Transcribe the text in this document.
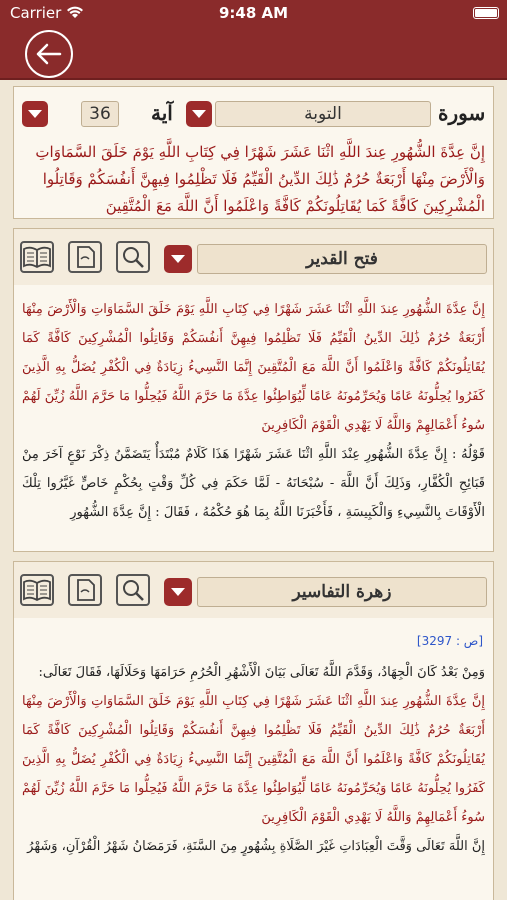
Carrier	9:48 AM
سورة
التوبة
آية
36
إِنَّ عِدَّةَ الشُّهُورِ عِندَ اللَّهِ اثْنَا عَشَرَ شَهْرًا فِي كِتَابِ اللَّهِ يَوْمَ خَلَقَ السَّمَاوَاتِ وَالْأَرْضَ مِنْهَا أَرْبَعَةٌ حُرُمٌ ذَٰلِكَ الدِّينُ الْقَيِّمُ فَلَا تَظْلِمُوا فِيهِنَّ أَنفُسَكُمْ وَقَاتِلُوا الْمُشْرِكِينَ كَافَّةً كَمَا يُقَاتِلُونَكُمْ كَافَّةً وَاعْلَمُوا أَنَّ اللَّهَ مَعَ الْمُتَّقِينَ
فتح القدير
إِنَّ عِدَّةَ الشُّهُورِ عِندَ اللَّهِ اثْنَا عَشَرَ شَهْرًا فِي كِتَابِ اللَّهِ يَوْمَ خَلَقَ السَّمَاوَاتِ وَالْأَرْضَ مِنْهَا أَرْبَعَةٌ حُرُمٌ ذَٰلِكَ الدِّينُ الْقَيِّمُ فَلَا تَظْلِمُوا فِيهِنَّ أَنفُسَكُمْ وَقَاتِلُوا الْمُشْرِكِينَ كَافَّةً كَمَا يُقَاتِلُونَكُمْ كَافَّةً وَاعْلَمُوا أَنَّ اللَّهَ مَعَ الْمُتَّقِينَ إِنَّمَا النَّسِيءُ زِيَادَةٌ فِي الْكُفْرِ يُضَلُّ بِهِ الَّذِينَ كَفَرُوا يُحِلُّونَهُ عَامًا وَيُحَرِّمُونَهُ عَامًا لِّيُوَاطِئُوا عِدَّةَ مَا حَرَّمَ اللَّهُ فَيُحِلُّوا مَا حَرَّمَ اللَّهُ زُيِّنَ لَهُمْ سُوءُ أَعْمَالِهِمْ وَاللَّهُ لَا يَهْدِي الْقَوْمَ الْكَافِرِينَ
قَوْلُهُ : إِنَّ عِدَّةَ الشُّهُورِ عِنْدَ اللَّهِ اثْنَا عَشَرَ شَهْرًا هَذَا كَلَامٌ مُبْتَدَأٌ يَتَضَمَّنُ ذِكْرَ نَوْعٍ آخَرَ مِنْ قَبَائِحِ الْكُفَّارِ، وَذَلِكَ أَنَّ اللَّهَ - سُبْحَانَهُ - لَمَّا حَكَمَ فِي كُلِّ وَقْتٍ بِحُكْمٍ خَاصٍّ غَيَّرُوا تِلْكَ الْأَوْقَاتَ بِالنَّسِيءِ وَالْكَبِيسَةِ ، فَأَخْبَرَنَا اللَّهُ بِمَا هُوَ حُكْمُهُ ، فَقَالَ : إِنَّ عِدَّةَ الشُّهُورِ
زهرة التفاسير
[ص : 3297]
وَمِنْ بَعْدُ كَانَ الْجِهَادُ، وَقَدَّمَ اللَّهُ تَعَالَى بَيَانَ الْأَشْهُرِ الْحُرُمِ حَرَامَهَا وَحَلَالَهَا، فَقَالَ تَعَالَى:
إِنَّ عِدَّةَ الشُّهُورِ عِندَ اللَّهِ اثْنَا عَشَرَ شَهْرًا فِي كِتَابِ اللَّهِ يَوْمَ خَلَقَ السَّمَاوَاتِ وَالْأَرْضَ مِنْهَا أَرْبَعَةٌ حُرُمٌ ذَٰلِكَ الدِّينُ الْقَيِّمُ فَلَا تَظْلِمُوا فِيهِنَّ أَنفُسَكُمْ وَقَاتِلُوا الْمُشْرِكِينَ كَافَّةً كَمَا يُقَاتِلُونَكُمْ كَافَّةً وَاعْلَمُوا أَنَّ اللَّهَ مَعَ الْمُتَّقِينَ إِنَّمَا النَّسِيءُ زِيَادَةٌ فِي الْكُفْرِ يُضَلُّ بِهِ الَّذِينَ كَفَرُوا يُحِلُّونَهُ عَامًا وَيُحَرِّمُونَهُ عَامًا لِّيُوَاطِئُوا عِدَّةَ مَا حَرَّمَ اللَّهُ فَيُحِلُّوا مَا حَرَّمَ اللَّهُ زُيِّنَ لَهُمْ سُوءُ أَعْمَالِهِمْ وَاللَّهُ لَا يَهْدِي الْقَوْمَ الْكَافِرِينَ
إِنَّ اللَّهَ تَعَالَى وَقَّتَ الْعِبَادَاتِ غَيْرَ الصَّلَاةِ بِشُهُورٍ مِنَ السَّنَةِ، فَرَمَضَانُ شَهْرُ الْقُرْآنِ، وَشَهْرُ
